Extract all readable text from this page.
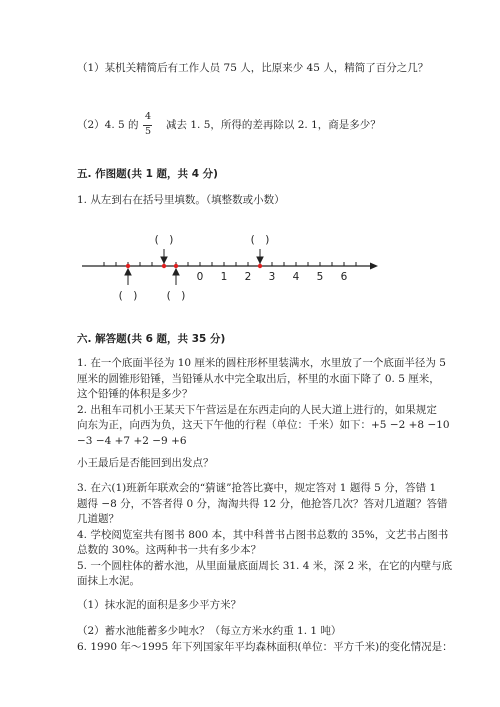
（1）某机关精简后有工作人员 75 人，比原来少 45 人，精简了百分之几？
（2）4. 5 的
4
5
减去 1. 5，所得的差再除以 2. 1，商是多少？
五. 作图题(共 1 题，共 4 分)
1. 从左到右在括号里填数。（填整数或小数）
0 1 2 3 4 5 6
(　)	(　)
(　)	(　)
六. 解答题(共 6 题，共 35 分)
1. 在一个底面半径为 10 厘米的圆柱形杯里装满水，水里放了一个底面半径为 5
厘米的圆锥形铅锤，当铅锤从水中完全取出后，杯里的水面下降了 0. 5 厘米，
这个铅锤的体积是多少？
2. 出租车司机小王某天下午营运是在东西走向的人民大道上进行的，如果规定
向东为正，向西为负，这天下午他的行程（单位：千米）如下：+5 −2 +8 −10
−3 −4 +7 +2 −9 +6
小王最后是否能回到出发点？
3. 在六(1)班新年联欢会的“猜谜”抢答比赛中，规定答对 1 题得 5 分，答错 1
题得 −8 分，不答者得 0 分，淘淘共得 12 分，他抢答几次？答对几道题？答错
几道题？
4. 学校阅览室共有图书 800 本，其中科普书占图书总数的 35%，文艺书占图书
总数的 30%。这两种书一共有多少本？
5. 一个圆柱体的蓄水池，从里面量底面周长 31. 4 米，深 2 米，在它的内壁与底
面抹上水泥。
（1）抹水泥的面积是多少平方米？
（2）蓄水池能蓄多少吨水？（每立方米水约重 1. 1 吨）
6. 1990 年～1995 年下列国家年平均森林面积(单位：平方千米)的变化情况是：
